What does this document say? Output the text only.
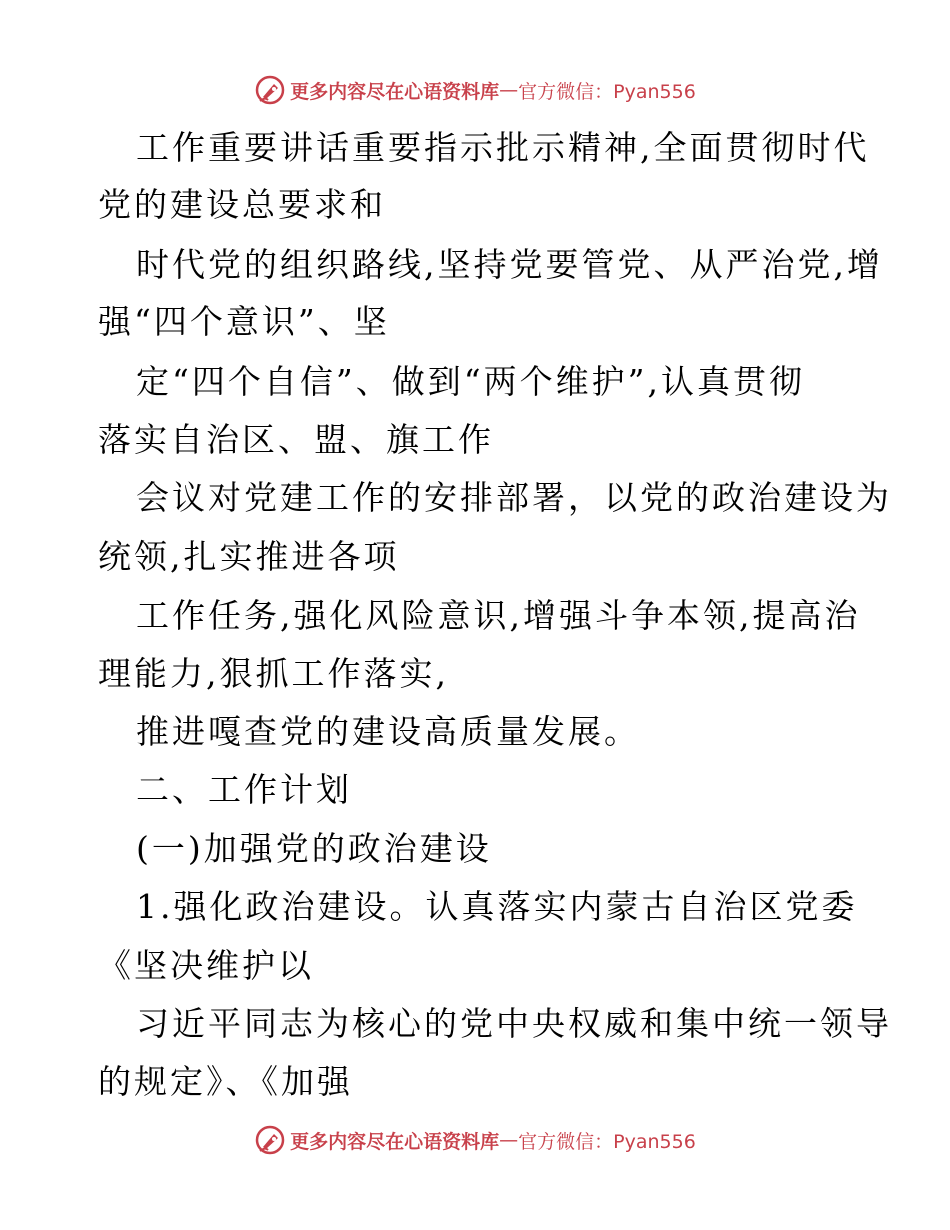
更多内容尽在心语资料库 — 官方微信：Pyan556
工作重要讲话重要指示批示精神,全面贯彻时代
党的建设总要求和
时代党的组织路线,坚持党要管党、从严治党,增
强“四个意识”、坚
定“四个自信”、做到“两个维护”,认真贯彻
落实自治区、盟、旗工作
会议对党建工作的安排部署，以党的政治建设为
统领,扎实推进各项
工作任务,强化风险意识,增强斗争本领,提高治
理能力,狠抓工作落实,
推进嘎查党的建设高质量发展。
二、工作计划
(一)加强党的政治建设
1.强化政治建设。认真落实内蒙古自治区党委
《坚决维护以
习近平同志为核心的党中央权威和集中统一领导
的规定》、《加强
更多内容尽在心语资料库 — 官方微信：Pyan556
